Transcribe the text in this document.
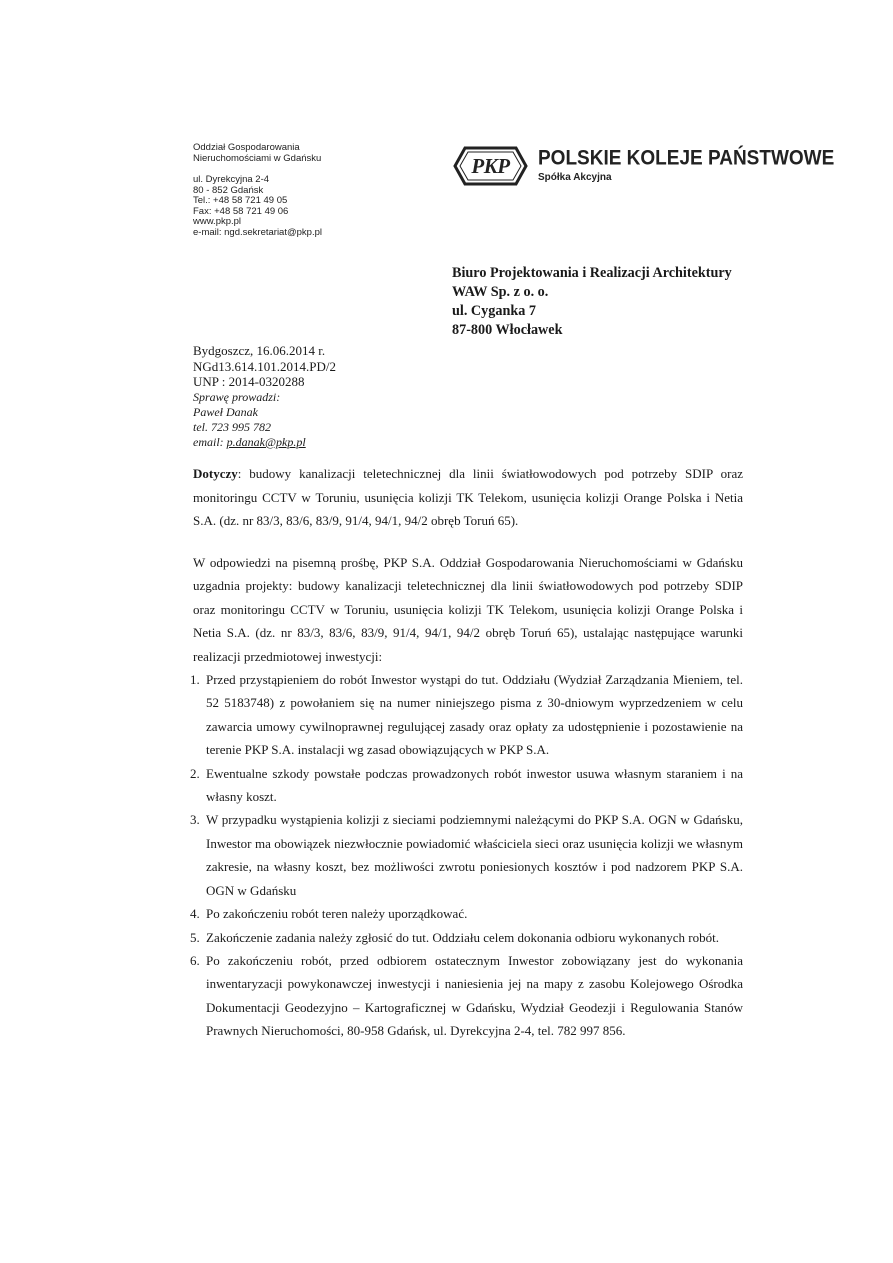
Oddział Gospodarowania
Nieruchomościami w Gdańsku
ul. Dyrekcyjna 2-4
80 - 852 Gdańsk
Tel.: +48 58 721 49 05
Fax: +48 58 721 49 06
www.pkp.pl
e-mail: ngd.sekretariat@pkp.pl
PKP POLSKIE KOLEJE PAŃSTWOWE
Spółka Akcyjna
Biuro Projektowania i Realizacji Architektury
WAW Sp. z o. o.
ul. Cyganka 7
87-800 Włocławek
Bydgoszcz, 16.06.2014 r.
NGd13.614.101.2014.PD/2
UNP : 2014-0320288
Sprawę prowadzi:
Paweł Danak
tel. 723 995 782
email: p.danak@pkp.pl
Dotyczy: budowy kanalizacji teletechnicznej dla linii światłowodowych pod potrzeby SDIP oraz monitoringu CCTV w Toruniu, usunięcia kolizji TK Telekom, usunięcia kolizji Orange Polska i Netia S.A. (dz. nr 83/3, 83/6, 83/9, 91/4, 94/1, 94/2 obręb Toruń 65).
W odpowiedzi na pisemną prośbę, PKP S.A. Oddział Gospodarowania Nieruchomościami w Gdańsku uzgadnia projekty: budowy kanalizacji teletechnicznej dla linii światłowodowych pod potrzeby SDIP oraz monitoringu CCTV w Toruniu, usunięcia kolizji TK Telekom, usunięcia kolizji Orange Polska i Netia S.A. (dz. nr 83/3, 83/6, 83/9, 91/4, 94/1, 94/2 obręb Toruń 65), ustalając następujące warunki realizacji przedmiotowej inwestycji:
1. Przed przystąpieniem do robót Inwestor wystąpi do tut. Oddziału (Wydział Zarządzania Mieniem, tel. 52 5183748) z powołaniem się na numer niniejszego pisma z 30-dniowym wyprzedzeniem w celu zawarcia umowy cywilnoprawnej regulującej zasady oraz opłaty za udostępnienie i pozostawienie na terenie PKP S.A. instalacji wg zasad obowiązujących w PKP S.A.
2. Ewentualne szkody powstałe podczas prowadzonych robót inwestor usuwa własnym staraniem i na własny koszt.
3. W przypadku wystąpienia kolizji z sieciami podziemnymi należącymi do PKP S.A. OGN w Gdańsku, Inwestor ma obowiązek niezwłocznie powiadomić właściciela sieci oraz usunięcia kolizji we własnym zakresie, na własny koszt, bez możliwości zwrotu poniesionych kosztów i pod nadzorem PKP S.A. OGN w Gdańsku
4. Po zakończeniu robót teren należy uporządkować.
5. Zakończenie zadania należy zgłosić do tut. Oddziału celem dokonania odbioru wykonanych robót.
6. Po zakończeniu robót, przed odbiorem ostatecznym Inwestor zobowiązany jest do wykonania inwentaryzacji powykonawczej inwestycji i naniesienia jej na mapy z zasobu Kolejowego Ośrodka Dokumentacji Geodezyjno – Kartograficznej w Gdańsku, Wydział Geodezji i Regulowania Stanów Prawnych Nieruchomości, 80-958 Gdańsk, ul. Dyrekcyjna 2-4, tel. 782 997 856.
